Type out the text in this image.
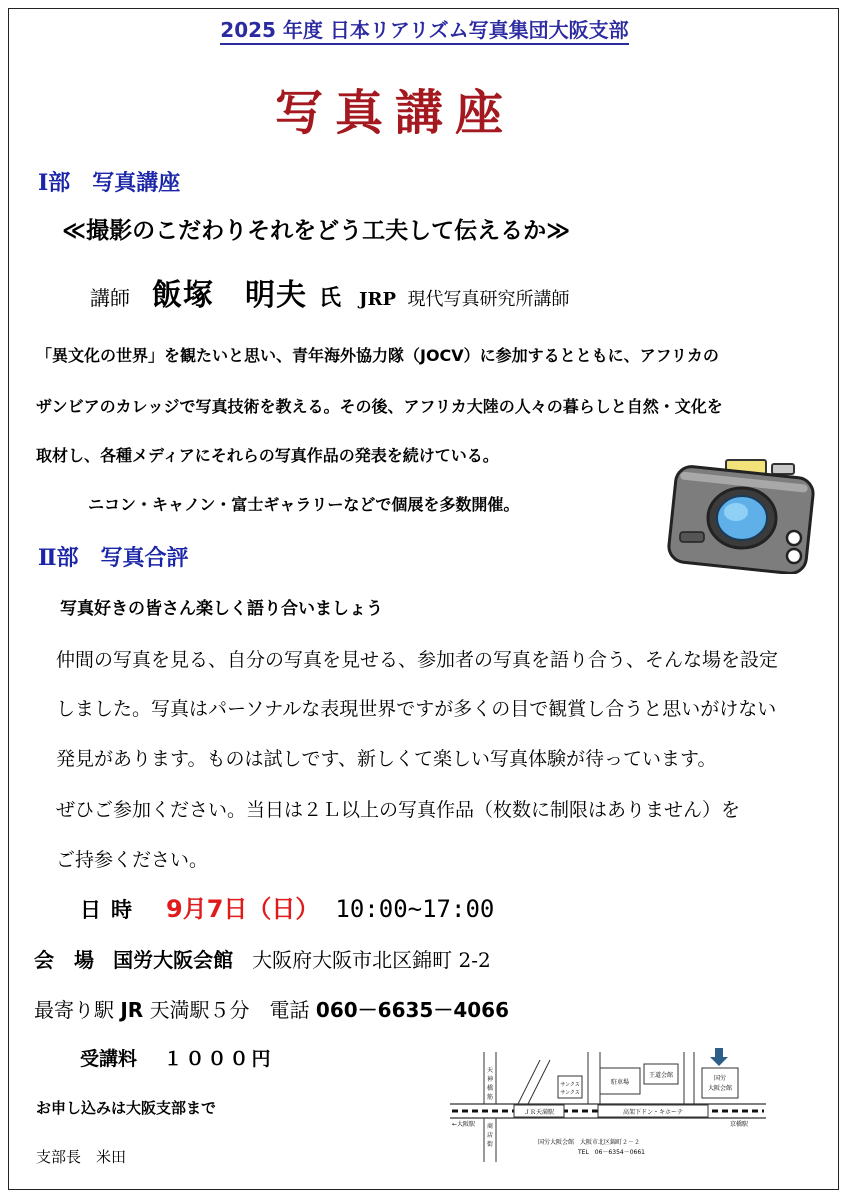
2025 年度 日本リアリズム写真集団大阪支部
写真講座
Ⅰ部　写真講座
≪撮影のこだわりそれをどう工夫して伝えるか≫
講師 飯塚　明夫 氏 JRP 現代写真研究所講師
「異文化の世界」を観たいと思い、青年海外協力隊（JOCV）に参加するとともに、アフリカの
ザンビアのカレッジで写真技術を教える。その後、アフリカ大陸の人々の暮らしと自然・文化を
取材し、各種メディアにそれらの写真作品の発表を続けている。
ニコン・キャノン・富士ギャラリーなどで個展を多数開催。
Ⅱ部　写真合評
写真好きの皆さん楽しく語り合いましょう
仲間の写真を見る、自分の写真を見せる、参加者の写真を語り合う、そんな場を設定
しました。写真はパーソナルな表現世界ですが多くの目で観賞し合うと思いがけない
発見があります。ものは試しです、新しくて楽しい写真体験が待っています。
ぜひご参加ください。当日は２Ｌ以上の写真作品（枚数に制限はありません）を
ご持参ください。
日時 9月7日（日） 10:00~17:00
会　場 国労大阪会館 大阪府大阪市北区錦町 2-2
最寄り駅 JR 天満駅５分　電話 060－6635－4066
受講料 １０００円
お申し込みは大阪支部まで
支部長　米田
天
神
橋
筋
商
店
街
サンクス
サンクス
駐車場
王道会館	国労
大阪会館
ＪＲ天満駅	高架下ドン・キホーテ
←大阪駅	京橋駅
国労大阪会館　大阪市北区錦町２－２
TEL　06－6354－0661
